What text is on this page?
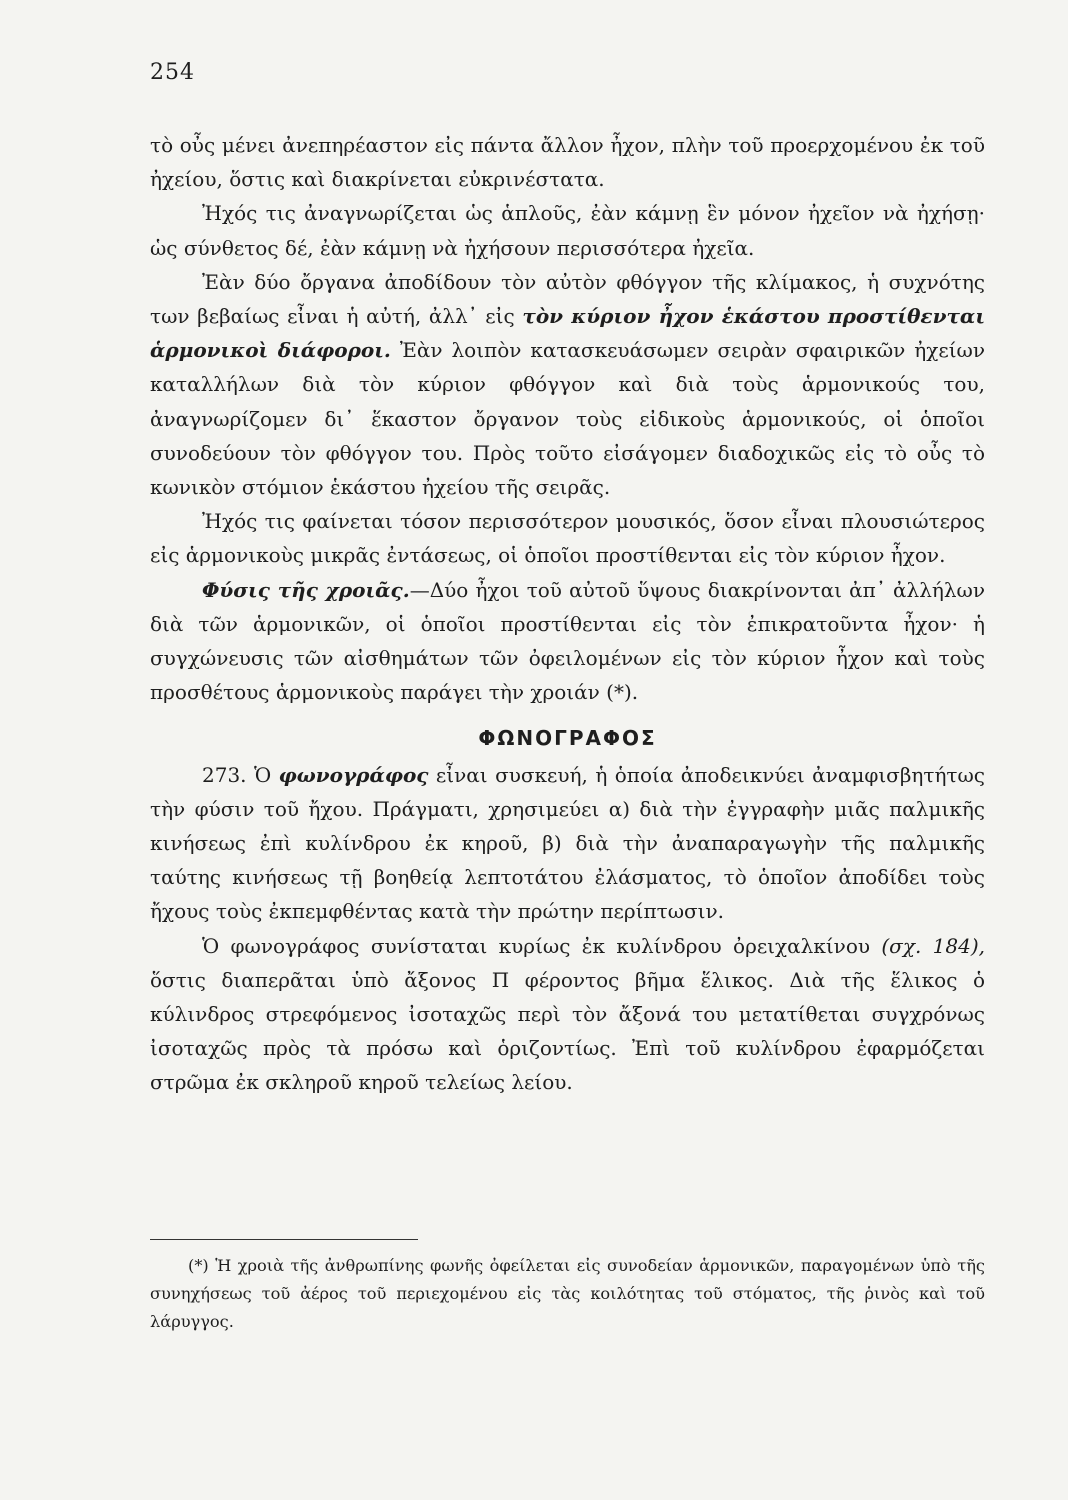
254

τὸ οὖς μένει ἀνεπηρέαστον εἰς πάντα ἄλλον ἦχον, πλὴν τοῦ προερχομένου ἐκ τοῦ ἠχείου, ὅστις καὶ διακρίνεται εὐκρινέστατα.

Ἠχός τις ἀναγνωρίζεται ὡς ἁπλοῦς, ἐὰν κάμνῃ ἓν μόνον ἠχεῖον νὰ ἠχήσῃ· ὡς σύνθετος δέ, ἐὰν κάμνῃ νὰ ἠχήσουν περισσότερα ἠχεῖα.

Ἐὰν δύο ὄργανα ἀποδίδουν τὸν αὐτὸν φθόγγον τῆς κλίμακος, ἡ συχνότης των βεβαίως εἶναι ἡ αὐτή, ἀλλ᾽ εἰς τὸν κύριον ἦχον ἑκάστου προστίθενται ἁρμονικοὶ διάφοροι. Ἐὰν λοιπὸν κατασκευάσωμεν σειρὰν σφαιρικῶν ἠχείων καταλλήλων διὰ τὸν κύριον φθόγγον καὶ διὰ τοὺς ἁρμονικούς του, ἀναγνωρίζομεν δι᾽ ἕκαστον ὄργανον τοὺς εἰδικοὺς ἁρμονικούς, οἱ ὁποῖοι συνοδεύουν τὸν φθόγγον του. Πρὸς τοῦτο εἰσάγομεν διαδοχικῶς εἰς τὸ οὖς τὸ κωνικὸν στόμιον ἑκάστου ἠχείου τῆς σειρᾶς.

Ἠχός τις φαίνεται τόσον περισσότερον μουσικός, ὅσον εἶναι πλουσιώτερος εἰς ἁρμονικοὺς μικρᾶς ἐντάσεως, οἱ ὁποῖοι προστίθενται εἰς τὸν κύριον ἦχον.

Φύσις τῆς χροιᾶς.—Δύο ἦχοι τοῦ αὐτοῦ ὕψους διακρίνονται ἀπ᾽ ἀλλήλων διὰ τῶν ἁρμονικῶν, οἱ ὁποῖοι προστίθενται εἰς τὸν ἐπικρατοῦντα ἦχον· ἡ συγχώνευσις τῶν αἰσθημάτων τῶν ὀφειλομένων εἰς τὸν κύριον ἦχον καὶ τοὺς προσθέτους ἁρμονικοὺς παράγει τὴν χροιάν (*).

ΦΩΝΟΓΡΑΦΟΣ

273. Ὁ φωνογράφος εἶναι συσκευή, ἡ ὁποία ἀποδεικνύει ἀναμφισβητήτως τὴν φύσιν τοῦ ἤχου. Πράγματι, χρησιμεύει α) διὰ τὴν ἐγγραφὴν μιᾶς παλμικῆς κινήσεως ἐπὶ κυλίνδρου ἐκ κηροῦ, β) διὰ τὴν ἀναπαραγωγὴν τῆς παλμικῆς ταύτης κινήσεως τῇ βοηθείᾳ λεπτοτάτου ἐλάσματος, τὸ ὁποῖον ἀποδίδει τοὺς ἤχους τοὺς ἐκπεμφθέντας κατὰ τὴν πρώτην περίπτωσιν.

Ὁ φωνογράφος συνίσταται κυρίως ἐκ κυλίνδρου ὀρειχαλκίνου (σχ. 184), ὅστις διαπερᾶται ὑπὸ ἄξονος Π φέροντος βῆμα ἕλικος. Διὰ τῆς ἕλικος ὁ κύλινδρος στρεφόμενος ἰσοταχῶς περὶ τὸν ἄξονά του μετατίθεται συγχρόνως ἰσοταχῶς πρὸς τὰ πρόσω καὶ ὁριζοντίως. Ἐπὶ τοῦ κυλίνδρου ἐφαρμόζεται στρῶμα ἐκ σκληροῦ κηροῦ τελείως λείου.

(*) Ἡ χροιὰ τῆς ἀνθρωπίνης φωνῆς ὀφείλεται εἰς συνοδείαν ἁρμονικῶν, παραγομένων ὑπὸ τῆς συνηχήσεως τοῦ ἀέρος τοῦ περιεχομένου εἰς τὰς κοιλότητας τοῦ στόματος, τῆς ῥινὸς καὶ τοῦ λάρυγγος.
